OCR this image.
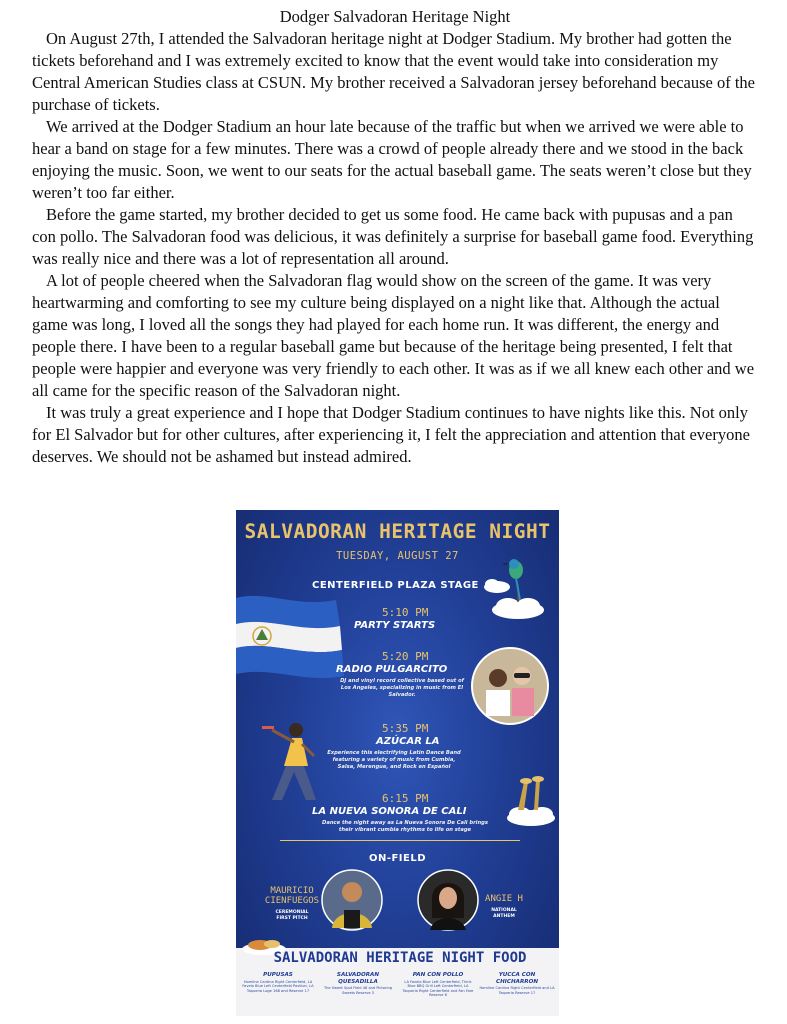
Dodger Salvadoran Heritage Night

On August 27th, I attended the Salvadoran heritage night at Dodger Stadium. My brother had gotten the tickets beforehand and I was extremely excited to know that the event would take into consideration my Central American Studies class at CSUN. My brother received a Salvadoran jersey beforehand because of the purchase of tickets.

We arrived at the Dodger Stadium an hour late because of the traffic but when we arrived we were able to hear a band on stage for a few minutes. There was a crowd of people already there and we stood in the back enjoying the music. Soon, we went to our seats for the actual baseball game. The seats weren’t close but they weren’t too far either.

Before the game started, my brother decided to get us some food. He came back with pupusas and a pan con pollo. The Salvadoran food was delicious, it was definitely a surprise for baseball game food. Everything was really nice and there was a lot of representation all around.

A lot of people cheered when the Salvadoran flag would show on the screen of the game. It was very heartwarming and comforting to see my culture being displayed on a night like that. Although the actual game was long, I loved all the songs they had played for each home run. It was different, the energy and people there. I have been to a regular baseball game but because of the heritage being presented, I felt that people were happier and everyone was very friendly to each other. It was as if we all knew each other and we all came for the specific reason of the Salvadoran night.

It was truly a great experience and I hope that Dodger Stadium continues to have nights like this. Not only for El Salvador but for other cultures, after experiencing it, I felt the appreciation and attention that everyone deserves. We should not be ashamed but instead admired.

SALVADORAN HERITAGE NIGHT
TUESDAY, AUGUST 27
CENTERFIELD PLAZA STAGE
5:10 PM
PARTY STARTS
5:20 PM
RADIO PULGARCITO
DJ and vinyl record collective based out of Los Angeles, specializing in music from El Salvador.
5:35 PM
AZÚCAR LA
Experience this electrifying Latin Dance Band featuring a variety of music from Cumbia, Salsa, Merengue, and Rock en Español
6:15 PM
LA NUEVA SONORA DE CALI
Dance the night away as La Nueva Sonora De Cali brings their vibrant cumbia rhythms to life on stage
ON-FIELD
MAURICIO CIENFUEGOS
CEREMONIAL FIRST PITCH
ANGIE H
NATIONAL ANTHEM
SALVADORAN HERITAGE NIGHT FOOD
PUPUSAS
Homline Cantina Right Centerfield, LA Favela Blue Left Centerfield Pavilion, LA Taqueria Loge 168 and Reserve 17
SALVADORAN QUESADILLA
The Sweet Spot Field 48 and Pictoring Sweets Reserve 3
PAN CON POLLO
LA Favela Blue Left Centerfield, Think Blue BBQ Grill Left Centerfield, LA Taqueria Right Centerfield and Fan Fare Reserve 6
YUCCA CON CHICHARRON
Homline Cantina Right Centerfield and LA Taqueria Reserve 17
